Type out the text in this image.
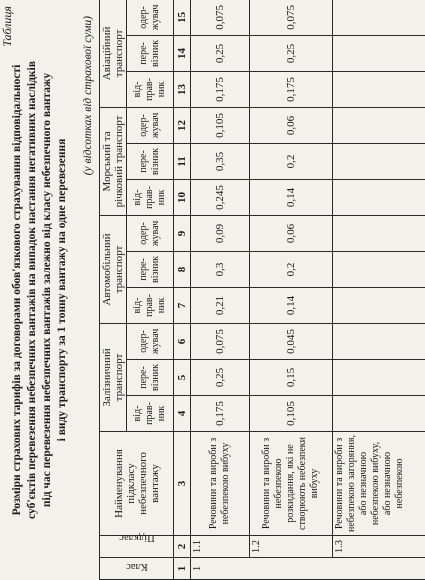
Таблиця
Розміри страхових тарифів за договорами обов'язкового страхування відповідальності суб'єктів перевезення небезпечних вантажів на випадок настання негативних наслідків під час перевезення небезпечних вантажів залежно від класу небезпечного вантажу і виду транспорту за 1 тонну вантажу на одне перевезення
(у відсотках від страхової суми)
Клас	Підклас	Найменування підкласу небезпечного вантажу	Залізничний транспорт			Автомобільний транспорт			Морський та річковий транспорт			Авіаційний транспорт		
			від-прав-ник	пере-візник	одер-жувач	від-прав-ник	пере-візник	одер-жувач	від-прав-ник	пере-візник	одер-жувач	від-прав-ник	пере-візник	одер-жувач
1	2	3	4	5	6	7	8	9	10	11	12	13	14	15
1	1.1	Речовини та вироби з небезпекою вибуху	0,175	0,25	0,075	0,21	0,3	0,09	0,245	0,35	0,105	0,175	0,25	0,075
	1.2	Речовини та вироби з небезпекою розкидання, які не створюють небезпеки вибуху	0,105	0,15	0,045	0,14	0,2	0,06	0,14	0,2	0,06	0,175	0,25	0,075
	1.3	Речовини та вироби з небезпекою загоряння, або незначною небезпекою вибуху, або незначною небезпекою												
